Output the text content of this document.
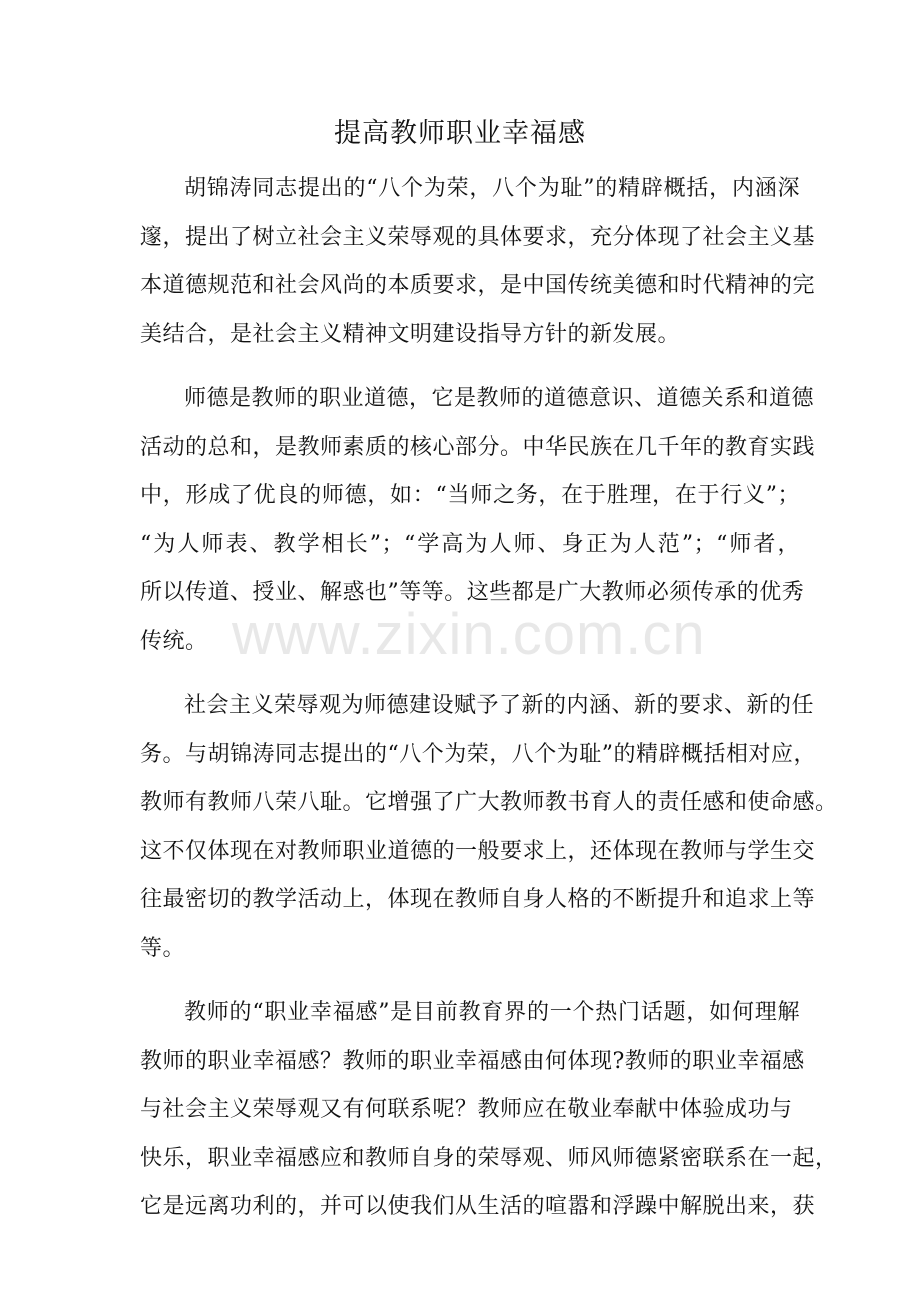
提高教师职业幸福感
胡锦涛同志提出的“八个为荣，八个为耻”的精辟概括，内涵深
邃，提出了树立社会主义荣辱观的具体要求，充分体现了社会主义基
本道德规范和社会风尚的本质要求，是中国传统美德和时代精神的完
美结合，是社会主义精神文明建设指导方针的新发展。
师德是教师的职业道德，它是教师的道德意识、道德关系和道德
活动的总和，是教师素质的核心部分。中华民族在几千年的教育实践
中，形成了优良的师德，如：“当师之务，在于胜理，在于行义”；
“为人师表、教学相长”；“学高为人师、身正为人范”；“师者，
所以传道、授业、解惑也”等等。这些都是广大教师必须传承的优秀
传统。
社会主义荣辱观为师德建设赋予了新的内涵、新的要求、新的任
务。与胡锦涛同志提出的“八个为荣，八个为耻”的精辟概括相对应，
教师有教师八荣八耻。它增强了广大教师教书育人的责任感和使命感。
这不仅体现在对教师职业道德的一般要求上，还体现在教师与学生交
往最密切的教学活动上，体现在教师自身人格的不断提升和追求上等
等。
教师的“职业幸福感”是目前教育界的一个热门话题，如何理解
教师的职业幸福感？教师的职业幸福感由何体现?教师的职业幸福感
与社会主义荣辱观又有何联系呢？教师应在敬业奉献中体验成功与
快乐，职业幸福感应和教师自身的荣辱观、师风师德紧密联系在一起，
它是远离功利的，并可以使我们从生活的喧嚣和浮躁中解脱出来，获
www.zixin.com.cn
